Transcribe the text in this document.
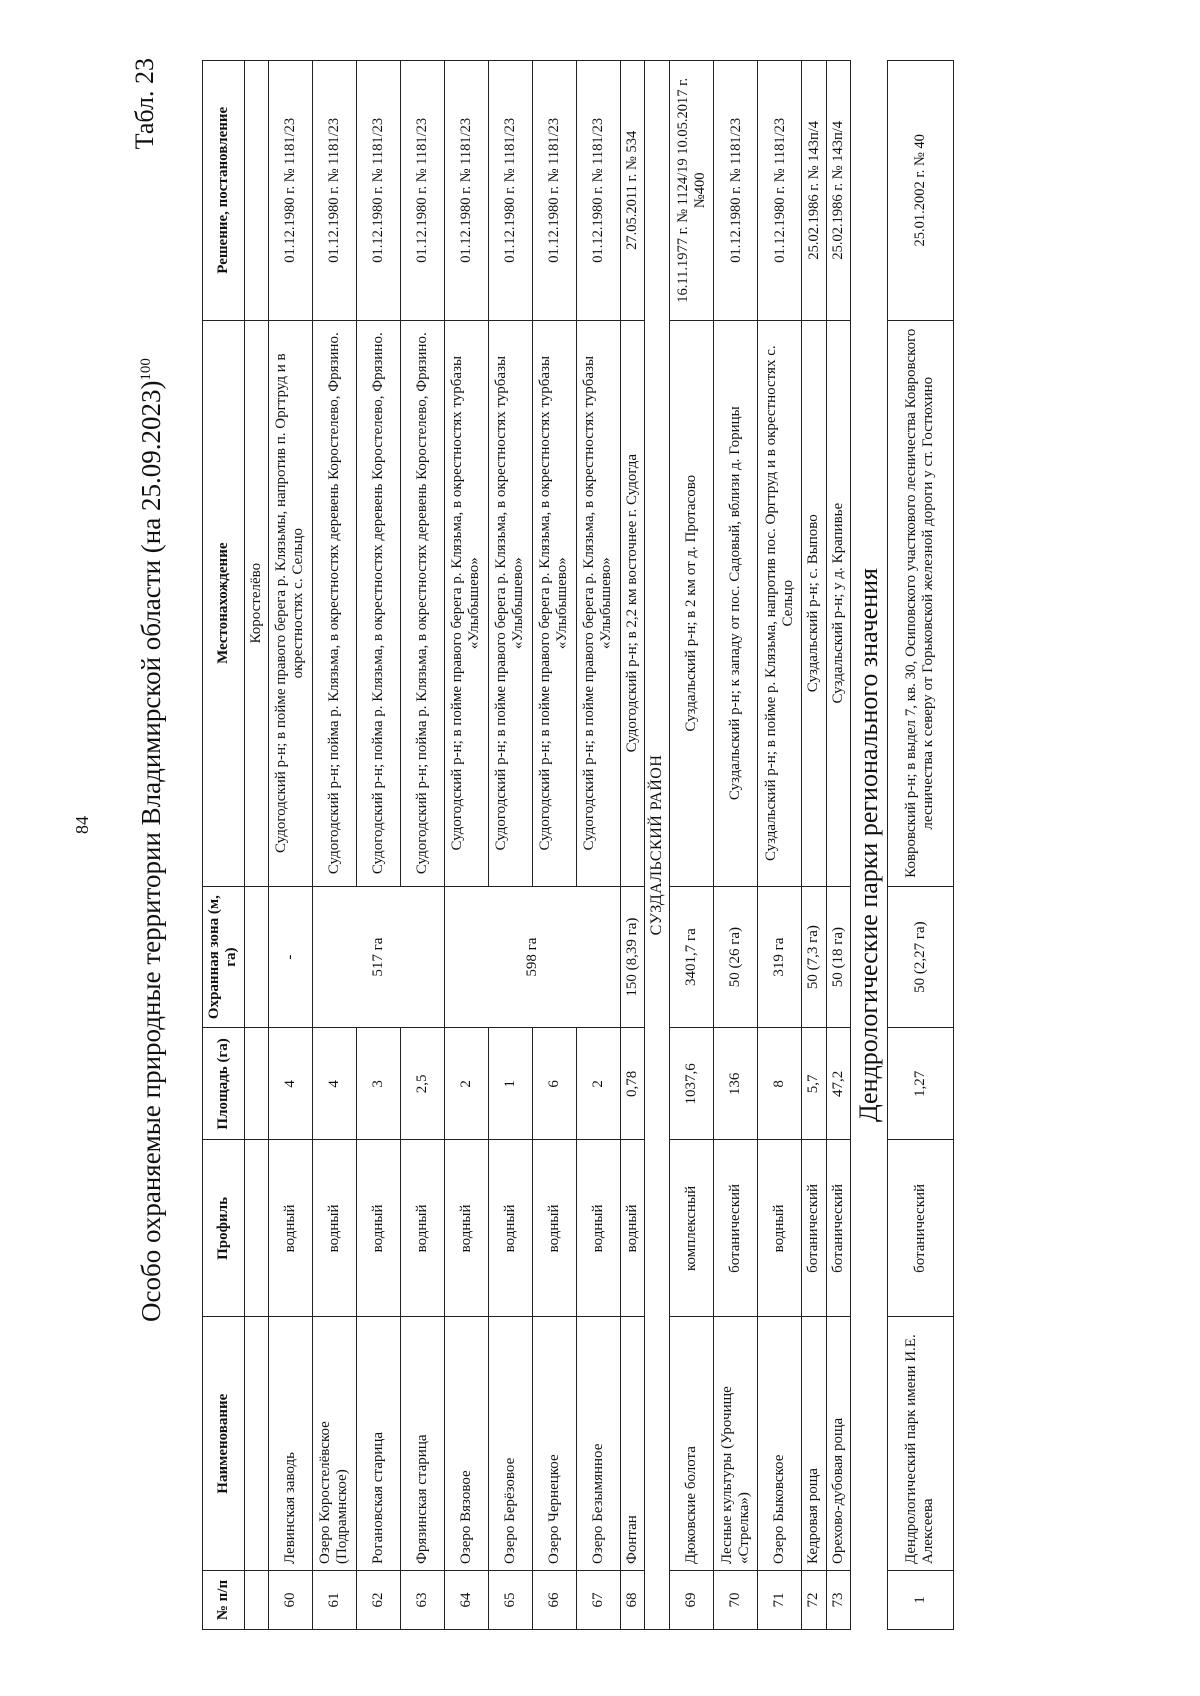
84
Табл. 23
Особо охраняемые природные территории Владимирской области (на 25.09.2023)$^{100}$
№ п/п	Наименование	Профиль	Площадь (га)	Охранная зона (м, га)	Местонахождение	Решение, постановление
					Коростелёво	
60	Левинская заводь	водный	4	-	Судогодский р-н; в пойме правого берега р. Клязьмы, напротив п. Оргтруд и в окрестностях с. Сельцо	01.12.1980 г. № 1181/23
61	Озеро Коростелёвское (Подрамнское)	водный	4	517 га	Судогодский р-н; пойма р. Клязьма, в окрестностях деревень Коростелево, Фрязино.	01.12.1980 г. № 1181/23
62	Рогановская старица	водный	3		Судогодский р-н; пойма р. Клязьма, в окрестностях деревень Коростелево, Фрязино.	01.12.1980 г. № 1181/23
63	Фрязинская старица	водный	2,5		Судогодский р-н; пойма р. Клязьма, в окрестностях деревень Коростелево, Фрязино.	01.12.1980 г. № 1181/23
64	Озеро Вязовое	водный	2	598 га	Судогодский р-н; в пойме правого берега р. Клязьма, в окрестностях турбазы «Улыбышево»	01.12.1980 г. № 1181/23
65	Озеро Берёзовое	водный	1		Судогодский р-н; в пойме правого берега р. Клязьма, в окрестностях турбазы «Улыбышево»	01.12.1980 г. № 1181/23
66	Озеро Чернецкое	водный	6		Судогодский р-н; в пойме правого берега р. Клязьма, в окрестностях турбазы «Улыбышево»	01.12.1980 г. № 1181/23
67	Озеро Безымянное	водный	2		Судогодский р-н; в пойме правого берега р. Клязьма, в окрестностях турбазы «Улыбышево»	01.12.1980 г. № 1181/23
68	Фонтан	водный	0,78	150 (8,39 га)	Судогодский р-н; в 2,2 км восточнее г. Судогда	27.05.2011 г. № 534
СУЗДАЛЬСКИЙ РАЙОН						
69	Дюковские болота	комплексный	1037,6	3401,7 га	Суздальский р-н; в 2 км от д. Протасово	16.11.1977 г. № 1124/19 10.05.2017 г. №400
70	Лесные культуры (Урочище «Стрелка»)	ботанический	136	50 (26 га)	Суздальский р-н; к западу от пос. Садовый, вблизи д. Горицы	01.12.1980 г. № 1181/23
71	Озеро Быковское	водный	8	319 га	Суздальский р-н; в пойме р. Клязьма, напротив пос. Оргтруд и в окрестностях с. Сельцо	01.12.1980 г. № 1181/23
72	Кедровая роща	ботанический	5,7	50 (7,3 га)	Суздальский р-н; с. Выпово	25.02.1986 г. № 143п/4
73	Орехово-дубовая роща	ботанический	47,2	50 (18 га)	Суздальский р-н; у д. Крапивье	25.02.1986 г. № 143п/4
Дендрологические парки регионального значения						
1	Дендрологический парк имени И.Е. Алексеева	ботанический	1,27	50 (2,27 га)	Ковровский р-н; в выдел 7, кв. 30, Осиповского участкового лесничества Ковровского лесничества к северу от Горьковской железной дороги у ст. Гостюхино	25.01.2002 г. № 40
